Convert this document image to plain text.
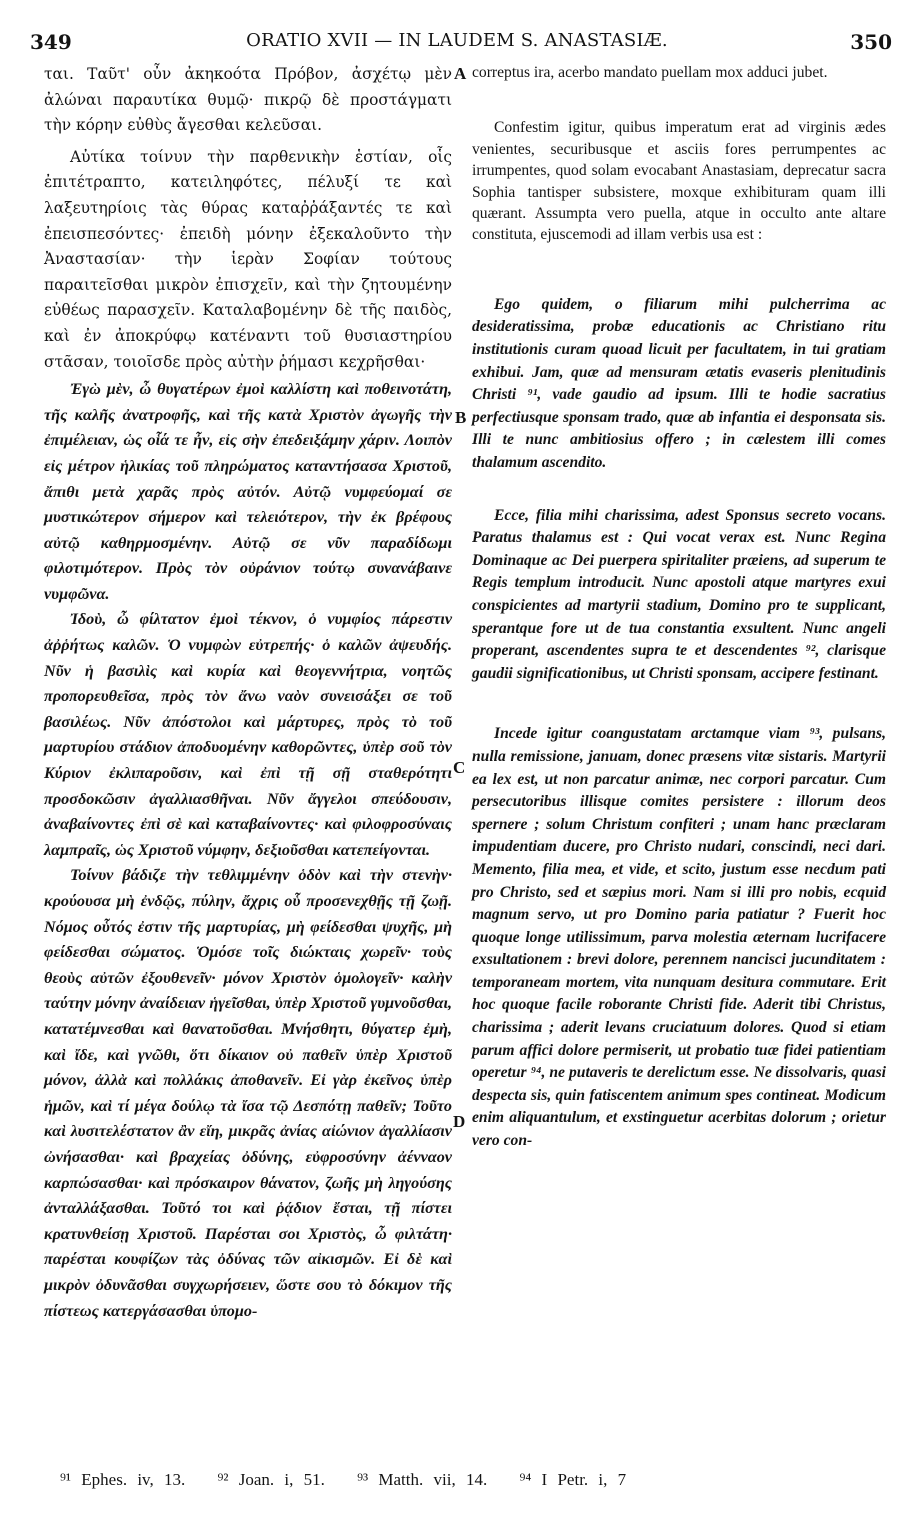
349	ORATIO XVII — IN LAUDEM S. ANASTASIÆ.	350

ται. Ταῦτ' οὖν ἀκηκοότα Πρόβον, ἀσχέτῳ μὲν ἀλώναι παραυτίκα θυμῷ· πικρῷ δὲ προστάγματι τὴν κόρην εὐθὺς ἄγεσθαι κελεῦσαι.

Αὐτίκα τοίνυν τὴν παρθενικὴν ἑστίαν, οἷς ἐπιτέτραπτο, κατειληφότες, πέλυξί τε καὶ λαξευτηρίοις τὰς θύρας καταῤῥάξαντές τε καὶ ἐπεισπεσόντες· ἐπειδὴ μόνην ἐξεκαλοῦντο τὴν Ἀναστασίαν· τὴν ἱερὰν Σοφίαν τούτους παραιτεῖσθαι μικρὸν ἐπισχεῖν, καὶ τὴν ζητουμένην εὐθέως παρασχεῖν. Καταλαβομένην δὲ τῆς παιδὸς, καὶ ἐν ἀποκρύφῳ κατέναντι τοῦ θυσιαστηρίου στᾶσαν, τοιοῖσδε πρὸς αὐτὴν ῥήμασι κεχρῆσθαι·

Ἐγὼ μὲν, ὦ θυγατέρων ἐμοὶ καλλίστη καὶ ποθεινοτάτη, τῆς καλῆς ἀνατροφῆς, καὶ τῆς κατὰ Χριστὸν ἀγωγῆς τὴν ἐπιμέλειαν, ὡς οἷά τε ἦν, εἰς σὴν ἐπεδειξάμην χάριν. Λοιπὸν εἰς μέτρον ἡλικίας τοῦ πληρώματος καταντήσασα Χριστοῦ, ἄπιθι μετὰ χαρᾶς πρὸς αὐτόν. Αὐτῷ νυμφεύομαί σε μυστικώτερον σήμερον καὶ τελειότερον, τὴν ἐκ βρέφους αὐτῷ καθηρμοσμένην. Αὐτῷ σε νῦν παραδίδωμι φιλοτιμότερον. Πρὸς τὸν οὐράνιον τούτῳ συνανάβαινε νυμφῶνα.

Ἰδοὺ, ὦ φίλτατον ἐμοὶ τέκνον, ὁ νυμφίος πάρεστιν ἀῤῥήτως καλῶν. Ὁ νυμφὼν εὐτρεπής· ὁ καλῶν ἀψευδής. Νῦν ἡ βασιλὶς καὶ κυρία καὶ θεογεννήτρια, νοητῶς προπορευθεῖσα, πρὸς τὸν ἄνω ναὸν συνεισάξει σε τοῦ βασιλέως. Νῦν ἀπόστολοι καὶ μάρτυρες, πρὸς τὸ τοῦ μαρτυρίου στάδιον ἀποδυομένην καθορῶντες, ὑπὲρ σοῦ τὸν Κύριον ἐκλιπαροῦσιν, καὶ ἐπὶ τῇ σῇ σταθερότητι προσδοκῶσιν ἀγαλλιασθῆναι. Νῦν ἄγγελοι σπεύδουσιν, ἀναβαίνοντες ἐπὶ σὲ καὶ καταβαίνοντες· καὶ φιλοφροσύναις λαμπραῖς, ὡς Χριστοῦ νύμφην, δεξιοῦσθαι κατεπείγονται.

Τοίνυν βάδιζε τὴν τεθλιμμένην ὁδὸν καὶ τὴν στενὴν· κρούουσα μὴ ἐνδῷς, πύλην, ἄχρις οὗ προσενεχθῇς τῇ ζωῇ. Νόμος οὗτός ἐστιν τῆς μαρτυρίας, μὴ φείδεσθαι ψυχῆς, μὴ φείδεσθαι σώματος. Ὁμόσε τοῖς διώκταις χωρεῖν· τοὺς θεοὺς αὐτῶν ἐξουθενεῖν· μόνον Χριστὸν ὁμολογεῖν· καλὴν ταύτην μόνην ἀναίδειαν ἡγεῖσθαι, ὑπὲρ Χριστοῦ γυμνοῦσθαι, κατατέμνεσθαι καὶ θανατοῦσθαι. Μνήσθητι, θύγατερ ἐμὴ, καὶ ἴδε, καὶ γνῶθι, ὅτι δίκαιον οὐ παθεῖν ὑπὲρ Χριστοῦ μόνον, ἀλλὰ καὶ πολλάκις ἀποθανεῖν. Εἰ γὰρ ἐκεῖνος ὑπὲρ ἡμῶν, καὶ τί μέγα δούλῳ τὰ ἴσα τῷ Δεσπότῃ παθεῖν; Τοῦτο καὶ λυσιτελέστατον ἂν εἴη, μικρᾶς ἀνίας αἰώνιον ἀγαλλίασιν ὠνήσασθαι· καὶ βραχείας ὀδύνης, εὐφροσύνην ἀένναον καρπώσασθαι· καὶ πρόσκαιρον θάνατον, ζωῆς μὴ ληγούσης ἀνταλλάξασθαι. Τοῦτό τοι καὶ ῥᾴδιον ἔσται, τῇ πίστει κρατυνθείσῃ Χριστοῦ. Παρέσται σοι Χριστὸς, ὦ φιλτάτη· παρέσται κουφίζων τὰς ὀδύνας τῶν αἰκισμῶν. Εἰ δὲ καὶ μικρὸν ὀδυνᾶσθαι συγχωρήσειεν, ὥστε σου τὸ δόκιμον τῆς πίστεως κατεργάσασθαι ὑπομο-

A
B
C
D

correptus ira, acerbo mandato puellam mox adduci jubet.

Confestim igitur, quibus imperatum erat ad virginis ædes venientes, securibusque et asciis fores perrumpentes ac irrumpentes, quod solam evocabant Anastasiam, deprecatur sacra Sophia tantisper subsistere, moxque exhibituram quam illi quærant. Assumpta vero puella, atque in occulto ante altare constituta, ejuscemodi ad illam verbis usa est :

Ego quidem, o filiarum mihi pulcherrima ac desideratissima, probæ educationis ac Christiano ritu institutionis curam quoad licuit per facultatem, in tui gratiam exhibui. Jam, quæ ad mensuram ætatis evaseris plenitudinis Christi ⁹¹, vade gaudio ad ipsum. Illi te hodie sacratius perfectiusque sponsam trado, quæ ab infantia ei desponsata sis. Illi te nunc ambitiosius offero ; in cælestem illi comes thalamum ascendito.

Ecce, filia mihi charissima, adest Sponsus secreto vocans. Paratus thalamus est : Qui vocat verax est. Nunc Regina Dominaque ac Dei puerpera spiritaliter præiens, ad superum te Regis templum introducit. Nunc apostoli atque martyres exui conspicientes ad martyrii stadium, Domino pro te supplicant, sperantque fore ut de tua constantia exsultent. Nunc angeli properant, ascendentes supra te et descendentes ⁹², clarisque gaudii significationibus, ut Christi sponsam, accipere festinant.

Incede igitur coangustatam arctamque viam ⁹³, pulsans, nulla remissione, januam, donec præsens vitæ sistaris. Martyrii ea lex est, ut non parcatur animæ, nec corpori parcatur. Cum persecutoribus illisque comites persistere : illorum deos spernere ; solum Christum confiteri ; unam hanc præclaram impudentiam ducere, pro Christo nudari, conscindi, neci dari. Memento, filia mea, et vide, et scito, justum esse necdum pati pro Christo, sed et sæpius mori. Nam si illi pro nobis, ecquid magnum servo, ut pro Domino paria patiatur ? Fuerit hoc quoque longe utilissimum, parva molestia æternam lucrifacere exsultationem : brevi dolore, perennem nancisci jucunditatem : temporaneam mortem, vita nunquam desitura commutare. Erit hoc quoque facile roborante Christi fide. Aderit tibi Christus, charissima ; aderit levans cruciatuum dolores. Quod si etiam parum affici dolore permiserit, ut probatio tuæ fidei patientiam operetur ⁹⁴, ne putaveris te derelictum esse. Ne dissolvaris, quasi despecta sis, quin fatiscentem animum spes contineat. Modicum enim aliquantulum, et exstinguetur acerbitas dolorum ; orietur vero con-

⁹¹ Ephes. iv, 13. ⁹² Joan. i, 51. ⁹³ Matth. vii, 14. ⁹⁴ I Petr. i, 7
